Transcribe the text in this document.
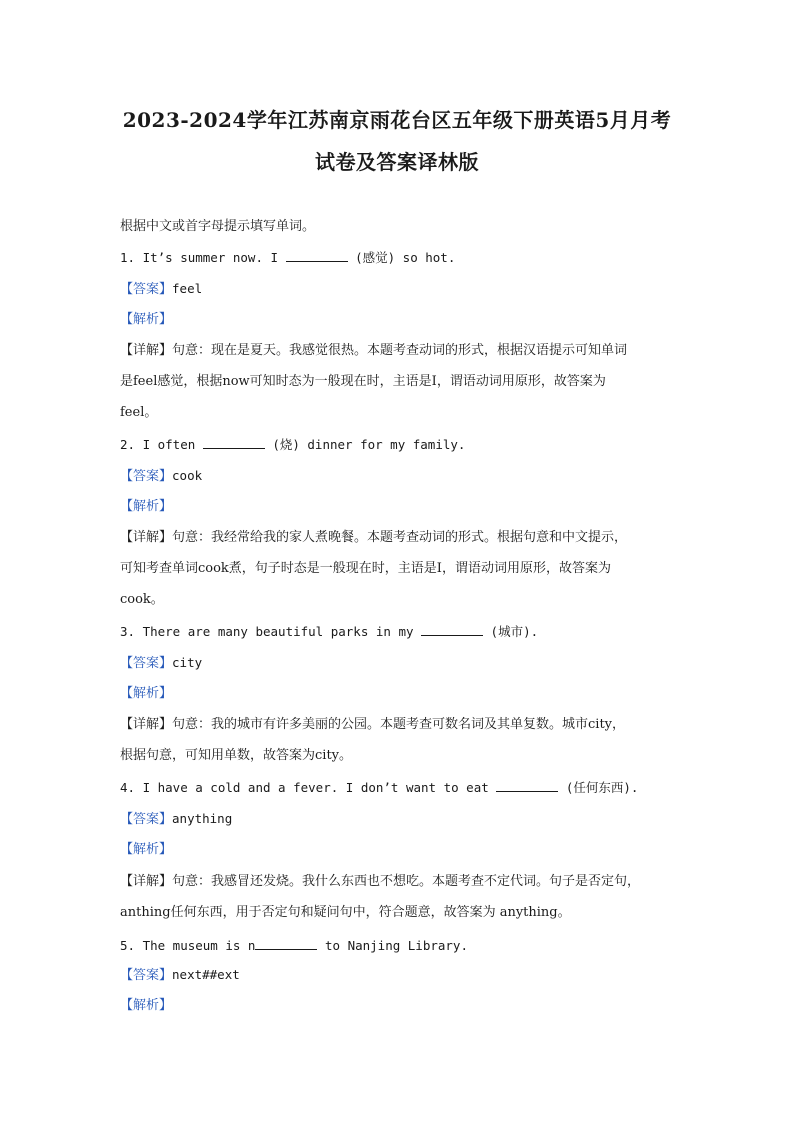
2023-2024学年江苏南京雨花台区五年级下册英语5月月考
试卷及答案译林版
根据中文或首字母提示填写单词。
1. It’s summer now. I	(感觉) so hot.
【答案】feel
【解析】
【详解】句意：现在是夏天。我感觉很热。本题考查动词的形式，根据汉语提示可知单词
是feel感觉，根据now可知时态为一般现在时，主语是I，谓语动词用原形，故答案为
feel。
2. I often	(烧) dinner for my family.
【答案】cook
【解析】
【详解】句意：我经常给我的家人煮晚餐。本题考查动词的形式。根据句意和中文提示，
可知考查单词cook煮，句子时态是一般现在时，主语是I，谓语动词用原形，故答案为
cook。
3. There are many beautiful parks in my	(城市).
【答案】city
【解析】
【详解】句意：我的城市有许多美丽的公园。本题考查可数名词及其单复数。城市city，
根据句意，可知用单数，故答案为city。
4. I have a cold and a fever. I don’t want to eat	(任何东西).
【答案】anything
【解析】
【详解】句意：我感冒还发烧。我什么东西也不想吃。本题考查不定代词。句子是否定句，
anthing任何东西，用于否定句和疑问句中，符合题意，故答案为 anything。
5. The museum is n	to Nanjing Library.
【答案】next##ext
【解析】
